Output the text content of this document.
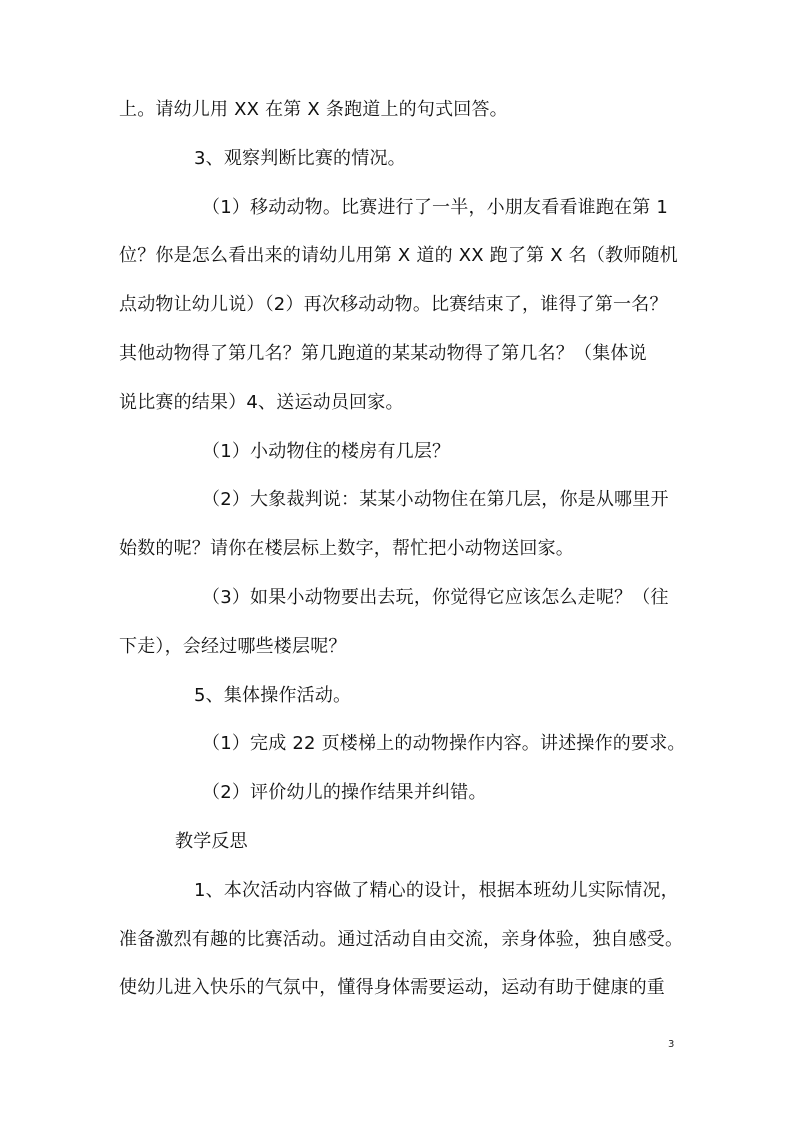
上。请幼儿用 XX 在第 X 条跑道上的句式回答。
3、观察判断比赛的情况。
（1）移动动物。比赛进行了一半，小朋友看看谁跑在第 1
位？你是怎么看出来的请幼儿用第 X 道的 XX 跑了第 X 名（教师随机
点动物让幼儿说）（2）再次移动动物。比赛结束了，谁得了第一名？
其他动物得了第几名？第几跑道的某某动物得了第几名？（集体说
说比赛的结果）4、送运动员回家。
（1）小动物住的楼房有几层？
（2）大象裁判说：某某小动物住在第几层，你是从哪里开
始数的呢？请你在楼层标上数字，帮忙把小动物送回家。
（3）如果小动物要出去玩，你觉得它应该怎么走呢？（往
下走），会经过哪些楼层呢？
5、集体操作活动。
（1）完成 22 页楼梯上的动物操作内容。讲述操作的要求。
（2）评价幼儿的操作结果并纠错。
教学反思
1、本次活动内容做了精心的设计，根据本班幼儿实际情况，
准备激烈有趣的比赛活动。通过活动自由交流，亲身体验，独自感受。
使幼儿进入快乐的气氛中，懂得身体需要运动，运动有助于健康的重
3
